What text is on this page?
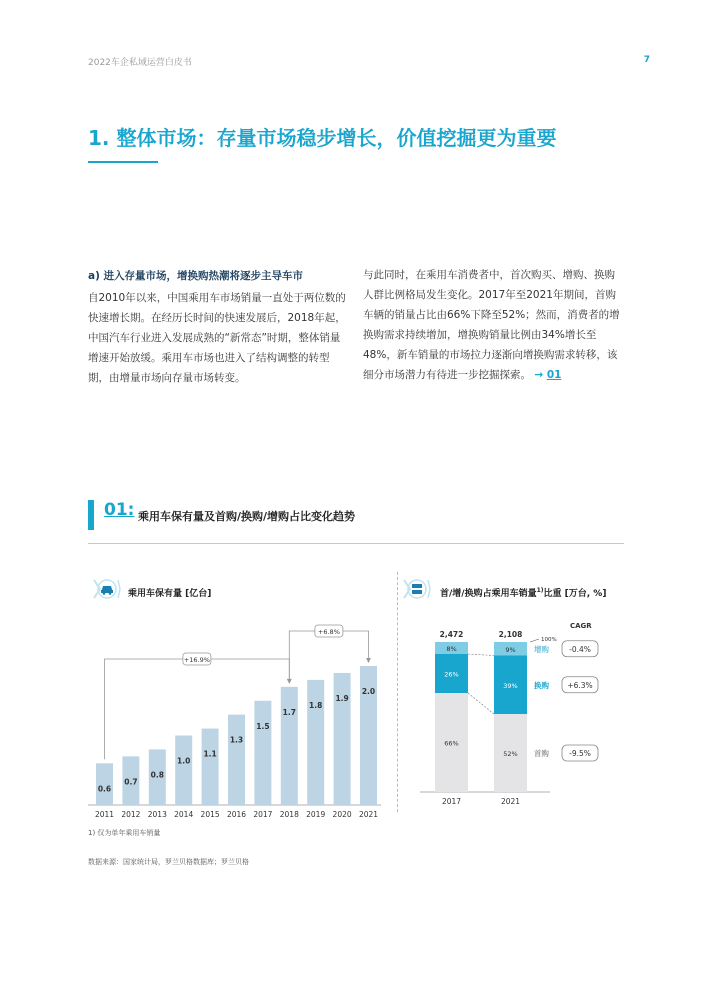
2022车企私域运营白皮书	7
1. 整体市场：存量市场稳步增长，价值挖掘更为重要
a) 进入存量市场，增换购热潮将逐步主导车市
自2010年以来，中国乘用车市场销量一直处于两位数的快速增长期。在经历长时间的快速发展后，2018年起，中国汽车行业进入发展成熟的“新常态”时期，整体销量增速开始放缓。乘用车市场也进入了结构调整的转型期，由增量市场向存量市场转变。
与此同时，在乘用车消费者中，首次购买、增购、换购人群比例格局发生变化。2017年至2021年期间，首购车辆的销量占比由66%下降至52%；然而，消费者的增换购需求持续增加，增换购销量比例由34%增长至48%，新车销量的市场拉力逐渐向增换购需求转移，该细分市场潜力有待进一步挖掘探索。 → 01
01: 乘用车保有量及首购/换购/增购占比变化趋势
乘用车保有量 [亿台]
0.6
2011
0.7
2012
0.8
2013
1.0
2014
1.1
2015
1.3
2016
1.5
2017
1.7
2018
1.8
2019
1.9
2020
2.0
2021
+16.9%
+6.8%
首/增/换购占乘用车销量$^{1)}$比重 [万台, %]
66%
26%
8%
2,472
2017
52%
39%
9%
2,108
2021
100%
CAGR
首购	-9.5%
换购 +6.3%
增购	-0.4%
1) 仅为单年乘用车销量
数据来源：国家统计局，罗兰贝格数据库；罗兰贝格
